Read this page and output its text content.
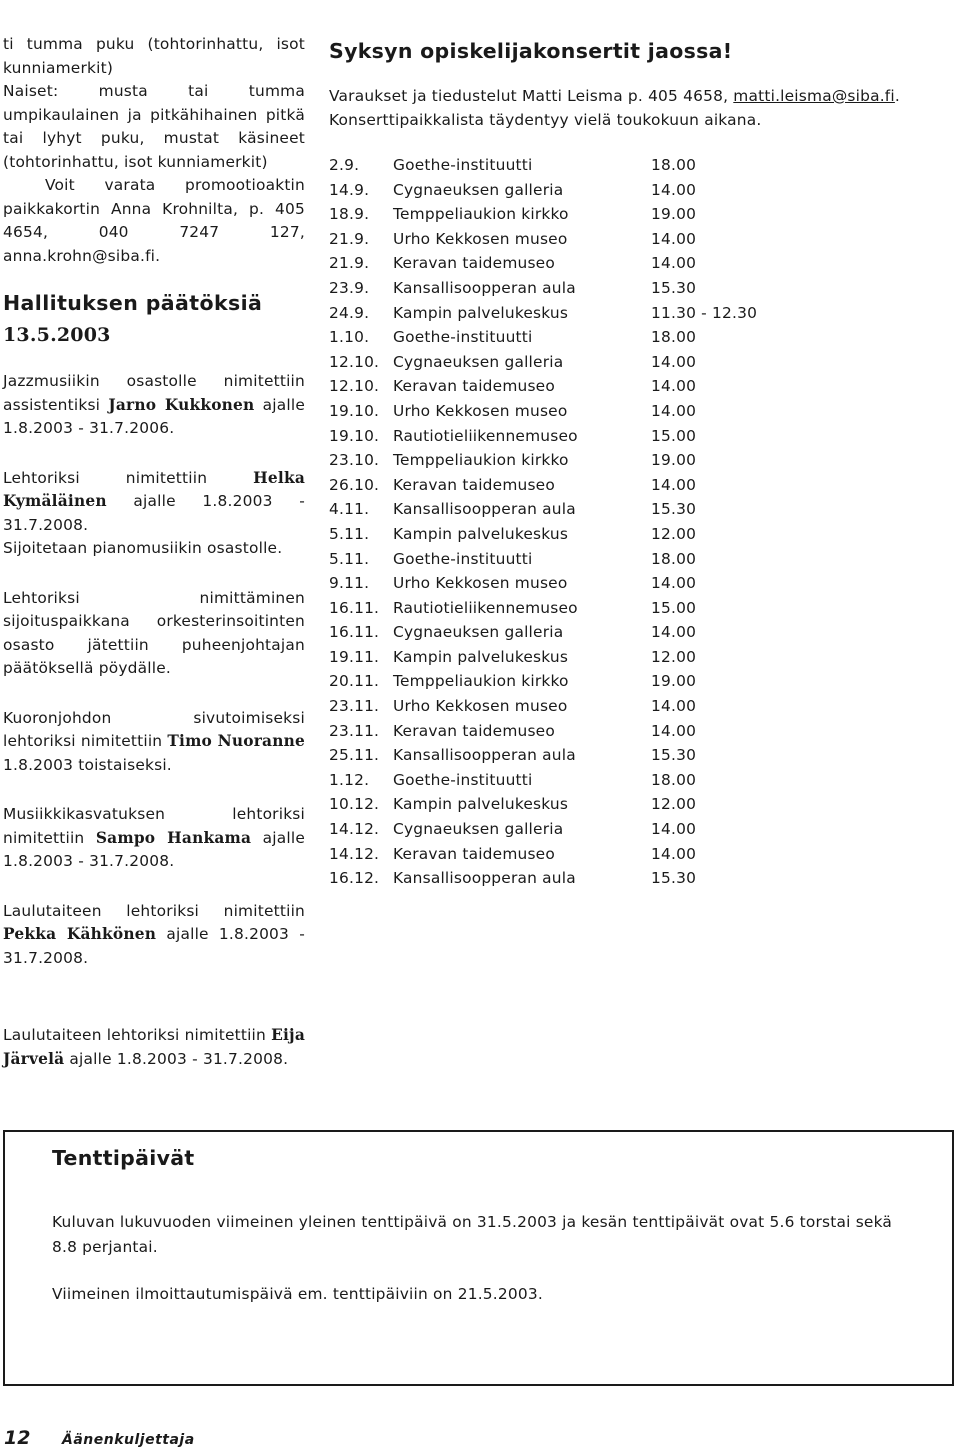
ti tumma puku (tohtorinhattu, isot kunniamerkit)

Naiset: musta tai tumma umpikaulainen ja pitkähihainen pitkä tai lyhyt puku, mustat käsineet (tohtorinhattu, isot kunniamerkit)

Voit varata promootioaktin paikkakortin Anna Krohnilta, p. 405 4654, 040 7247 127, anna.krohn@siba.fi.

Hallituksen päätöksiä
13.5.2003

Jazzmusiikin osastolle nimitettiin assistentiksi Jarno Kukkonen ajalle 1.8.2003 - 31.7.2006.

Lehtoriksi nimitettiin Helka Kymäläinen ajalle 1.8.2003 - 31.7.2008.

Sijoitetaan pianomusiikin osastolle.

Lehtoriksi nimittäminen sijoituspaikkana orkesterinsoitinten osasto jätettiin puheenjohtajan päätöksellä pöydälle.

Kuoronjohdon sivutoimiseksi lehtoriksi nimitettiin Timo Nuoranne 1.8.2003 toistaiseksi.

Musiikkikasvatuksen lehtoriksi nimitettiin Sampo Hankama ajalle 1.8.2003 - 31.7.2008.

Laulutaiteen lehtoriksi nimitettiin Pekka Kähkönen ajalle 1.8.2003 - 31.7.2008.

Syksyn opiskelijakonsertit jaossa!

Varaukset ja tiedustelut Matti Leisma p. 405 4658, matti.leisma@siba.fi. Konserttipaikkalista täydentyy vielä toukokuun aikana.

2.9.	Goethe-instituutti	18.00
14.9.	Cygnaeuksen galleria	14.00
18.9.	Temppeliaukion kirkko	19.00
21.9.	Urho Kekkosen museo	14.00
21.9.	Keravan taidemuseo	14.00
23.9.	Kansallisoopperan aula	15.30
24.9.	Kampin palvelukeskus	11.30 - 12.30
1.10.	Goethe-instituutti	18.00
12.10.	Cygnaeuksen galleria	14.00
12.10.	Keravan taidemuseo	14.00
19.10.	Urho Kekkosen museo	14.00
19.10.	Rautiotieliikennemuseo	15.00
23.10.	Temppeliaukion kirkko	19.00
26.10.	Keravan taidemuseo	14.00
4.11.	Kansallisoopperan aula	15.30
5.11.	Kampin palvelukeskus	12.00
5.11.	Goethe-instituutti	18.00
9.11.	Urho Kekkosen museo	14.00
16.11.	Rautiotieliikennemuseo	15.00
16.11.	Cygnaeuksen galleria	14.00
19.11.	Kampin palvelukeskus	12.00
20.11.	Temppeliaukion kirkko	19.00
23.11.	Urho Kekkosen museo	14.00
23.11.	Keravan taidemuseo	14.00
25.11.	Kansallisoopperan aula	15.30
1.12.	Goethe-instituutti	18.00
10.12.	Kampin palvelukeskus	12.00
14.12.	Cygnaeuksen galleria	14.00
14.12.	Keravan taidemuseo	14.00
16.12.	Kansallisoopperan aula	15.30

Laulutaiteen lehtoriksi nimitettiin Eija Järvelä ajalle 1.8.2003 - 31.7.2008.

Tenttipäivät

Kuluvan lukuvuoden viimeinen yleinen tenttipäivä on 31.5.2003 ja kesän tenttipäivät ovat 5.6 torstai sekä 8.8 perjantai.

Viimeinen ilmoittautumispäivä em. tenttipäiviin on 21.5.2003.

12 Äänenkuljettaja
